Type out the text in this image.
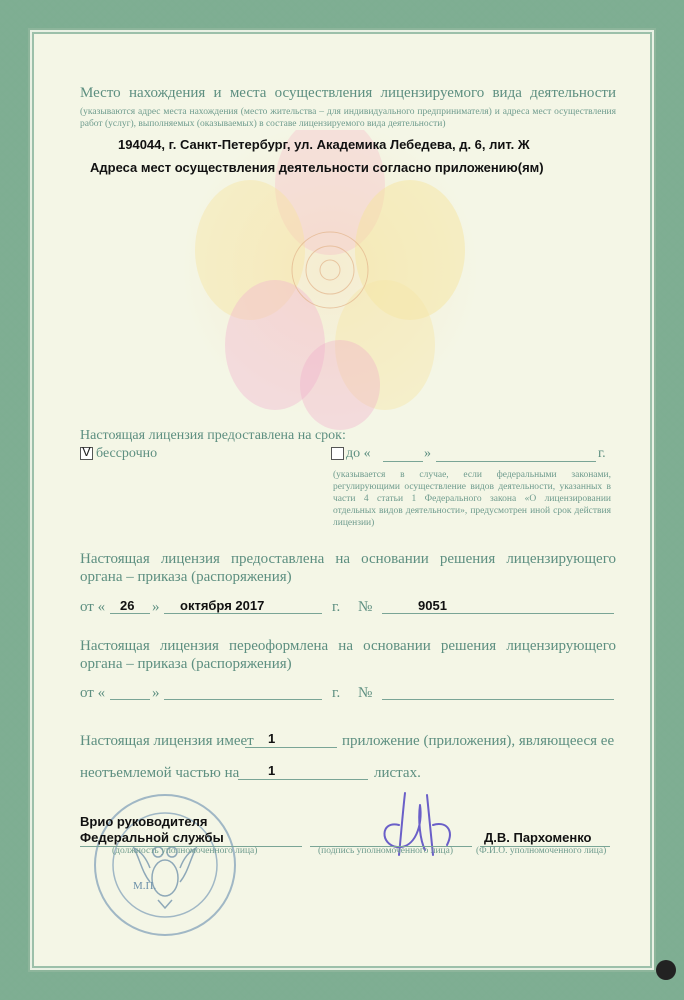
Место нахождения и места осуществления лицензируемого вида деятельности
(указываются адрес места нахождения (место жительства – для индивидуального предпринимателя) и адреса мест осуществления работ (услуг), выполняемых (оказываемых) в составе лицензируемого вида деятельности)
194044, г. Санкт-Петербург, ул. Академика Лебедева, д. 6, лит. Ж
Адреса мест осуществления деятельности согласно приложению(ям)
Настоящая лицензия предоставлена на срок:
V бессрочно	до «	»	г.
(указывается в случае, если федеральными законами, регулирующими осуществление видов деятельности, указанных в части 4 статьи 1 Федерального закона «О лицензировании отдельных видов деятельности», предусмотрен иной срок действия лицензии)
Настоящая лицензия предоставлена на основании решения лицензирующего
органа – приказа (распоряжения)
от « 26 » октября 2017	г. №	9051
Настоящая лицензия переоформлена на основании решения лицензирующего
органа – приказа (распоряжения)
от «	»	г. №
Настоящая лицензия имеет 1	приложение (приложения), являющееся ее
неотъемлемой частью на 1	листах.
Врио руководителя
Федеральной службы
(должность уполномоченного лица)	(подпись уполномоченного лица)
Д.В. Пархоменко
(Ф.И.О. уполномоченного лица)
М.П.
